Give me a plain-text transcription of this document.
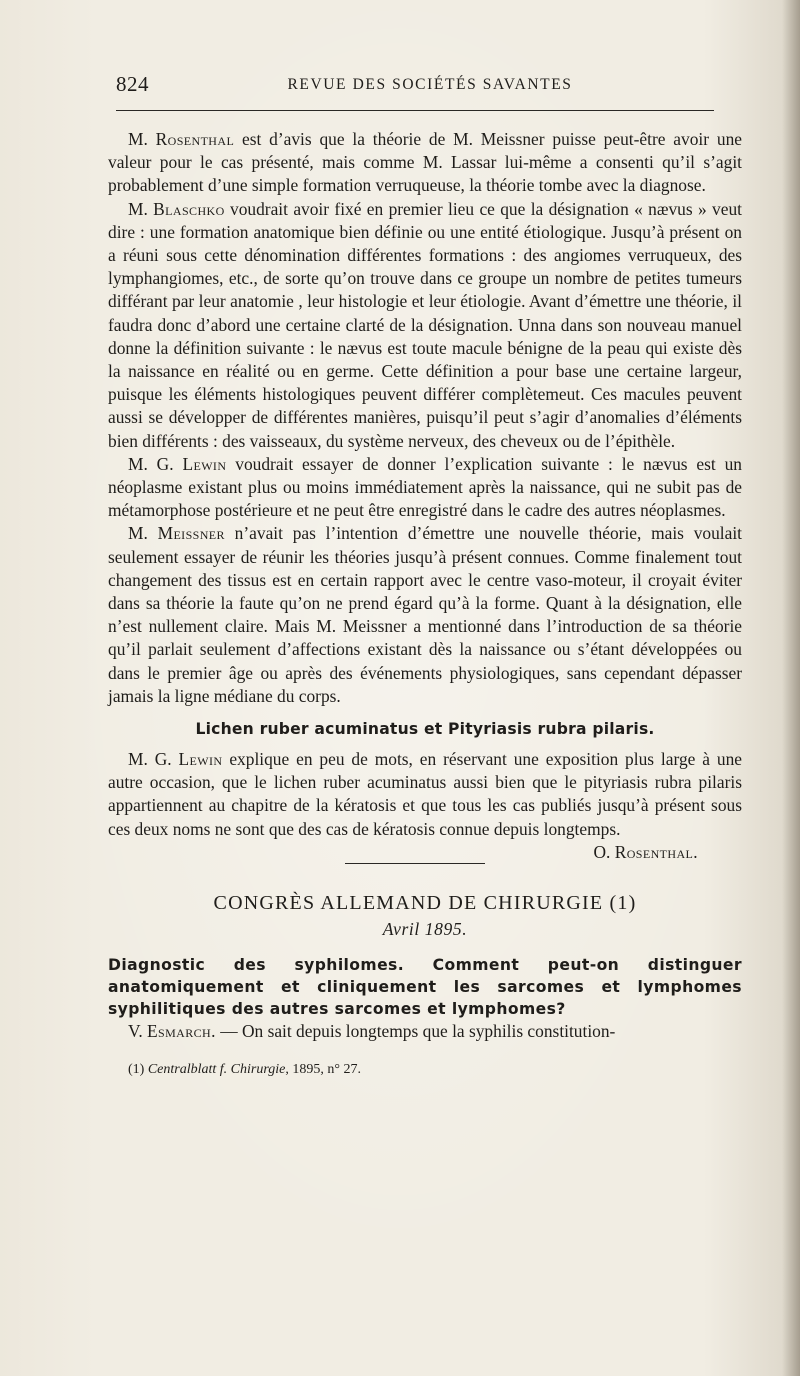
824	REVUE DES SOCIÉTÉS SAVANTES

M. Rosenthal est d’avis que la théorie de M. Meissner puisse peut-être avoir une valeur pour le cas présenté, mais comme M. Lassar lui-même a consenti qu’il s’agit probablement d’une simple formation verruqueuse, la théorie tombe avec la diagnose.

M. Blaschko voudrait avoir fixé en premier lieu ce que la désignation « nævus » veut dire : une formation anatomique bien définie ou une entité étiologique. Jusqu’à présent on a réuni sous cette dénomination différentes formations : des angiomes verruqueux, des lymphangiomes, etc., de sorte qu’on trouve dans ce groupe un nombre de petites tumeurs différant par leur anatomie , leur histologie et leur étiologie. Avant d’émettre une théorie, il faudra donc d’abord une certaine clarté de la désignation. Unna dans son nouveau manuel donne la définition suivante : le nævus est toute macule bénigne de la peau qui existe dès la naissance en réalité ou en germe. Cette définition a pour base une certaine largeur, puisque les éléments histologiques peuvent différer complètemeut. Ces macules peuvent aussi se développer de différentes manières, puisqu’il peut s’agir d’anomalies d’éléments bien différents : des vaisseaux, du système nerveux, des cheveux ou de l’épithèle.

M. G. Lewin voudrait essayer de donner l’explication suivante : le nævus est un néoplasme existant plus ou moins immédiatement après la naissance, qui ne subit pas de métamorphose postérieure et ne peut être enregistré dans le cadre des autres néoplasmes.

M. Meissner n’avait pas l’intention d’émettre une nouvelle théorie, mais voulait seulement essayer de réunir les théories jusqu’à présent connues. Comme finalement tout changement des tissus est en certain rapport avec le centre vaso-moteur, il croyait éviter dans sa théorie la faute qu’on ne prend égard qu’à la forme. Quant à la désignation, elle n’est nullement claire. Mais M. Meissner a mentionné dans l’introduction de sa théorie qu’il parlait seulement d’affections existant dès la naissance ou s’étant développées ou dans le premier âge ou après des événements physiologiques, sans cependant dépasser jamais la ligne médiane du corps.

Lichen ruber acuminatus et Pityriasis rubra pilaris.

M. G. Lewin explique en peu de mots, en réservant une exposition plus large à une autre occasion, que le lichen ruber acuminatus aussi bien que le pityriasis rubra pilaris appartiennent au chapitre de la kératosis et que tous les cas publiés jusqu’à présent sous ces deux noms ne sont que des cas de kératosis connue depuis longtemps.
O. Rosenthal.

CONGRÈS ALLEMAND DE CHIRURGIE (1)
Avril 1895.
Diagnostic des syphilomes. Comment peut-on distinguer anatomiquement et cliniquement les sarcomes et lymphomes syphilitiques des autres sarcomes et lymphomes?

V. Esmarch. — On sait depuis longtemps que la syphilis constitution-

(1) Centralblatt f. Chirurgie, 1895, n° 27.
